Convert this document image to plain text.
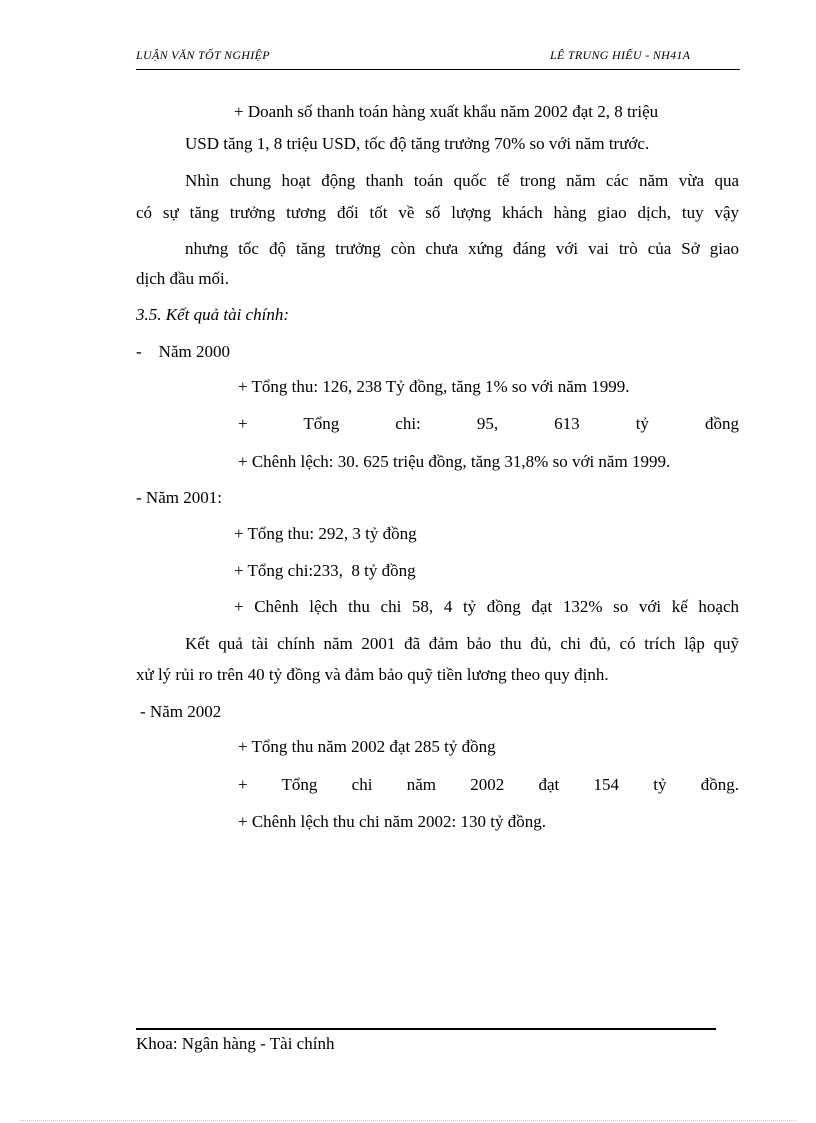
LUẬN VĂN TỐT NGHIỆP	LÊ TRUNG HIẾU - NH41A
+ Doanh số thanh toán hàng xuất khẩu năm 2002 đạt 2, 8 triệu
USD tăng 1, 8 triệu USD, tốc độ tăng trưởng 70% so với năm trước.
Nhìn chung hoạt động thanh toán quốc tế trong năm các năm vừa qua
có sự tăng trưởng tương đối tốt về số lượng khách hàng giao dịch, tuy vậy
nhưng tốc độ tăng trưởng còn chưa xứng đáng với vai trò của Sở giao
dịch đầu mối.
3.5. Kết quả tài chính:
-    Năm 2000
+ Tổng thu: 126, 238 Tỷ đồng, tăng 1% so với năm 1999.
+ Tổng chi: 95, 613 tỷ đồng
+ Chênh lệch: 30. 625 triệu đồng, tăng 31,8% so với năm 1999.
- Năm 2001:
+ Tổng thu: 292, 3 tỷ đồng
+ Tổng chi:233,  8 tỷ đồng
+ Chênh lệch thu chi 58, 4 tỷ đồng đạt 132% so với kế hoạch
Kết quả tài chính năm 2001 đã đảm bảo thu đủ, chi đủ, có trích lập quỹ
xử lý rủi ro trên 40 tỷ đồng và đảm bảo quỹ tiền lương theo quy định.
- Năm 2002
+ Tổng thu năm 2002 đạt 285 tỷ đồng
+ Tổng chi năm 2002 đạt 154 tỷ đồng.
+ Chênh lệch thu chi năm 2002: 130 tỷ đồng.
Khoa: Ngân hàng - Tài chính
